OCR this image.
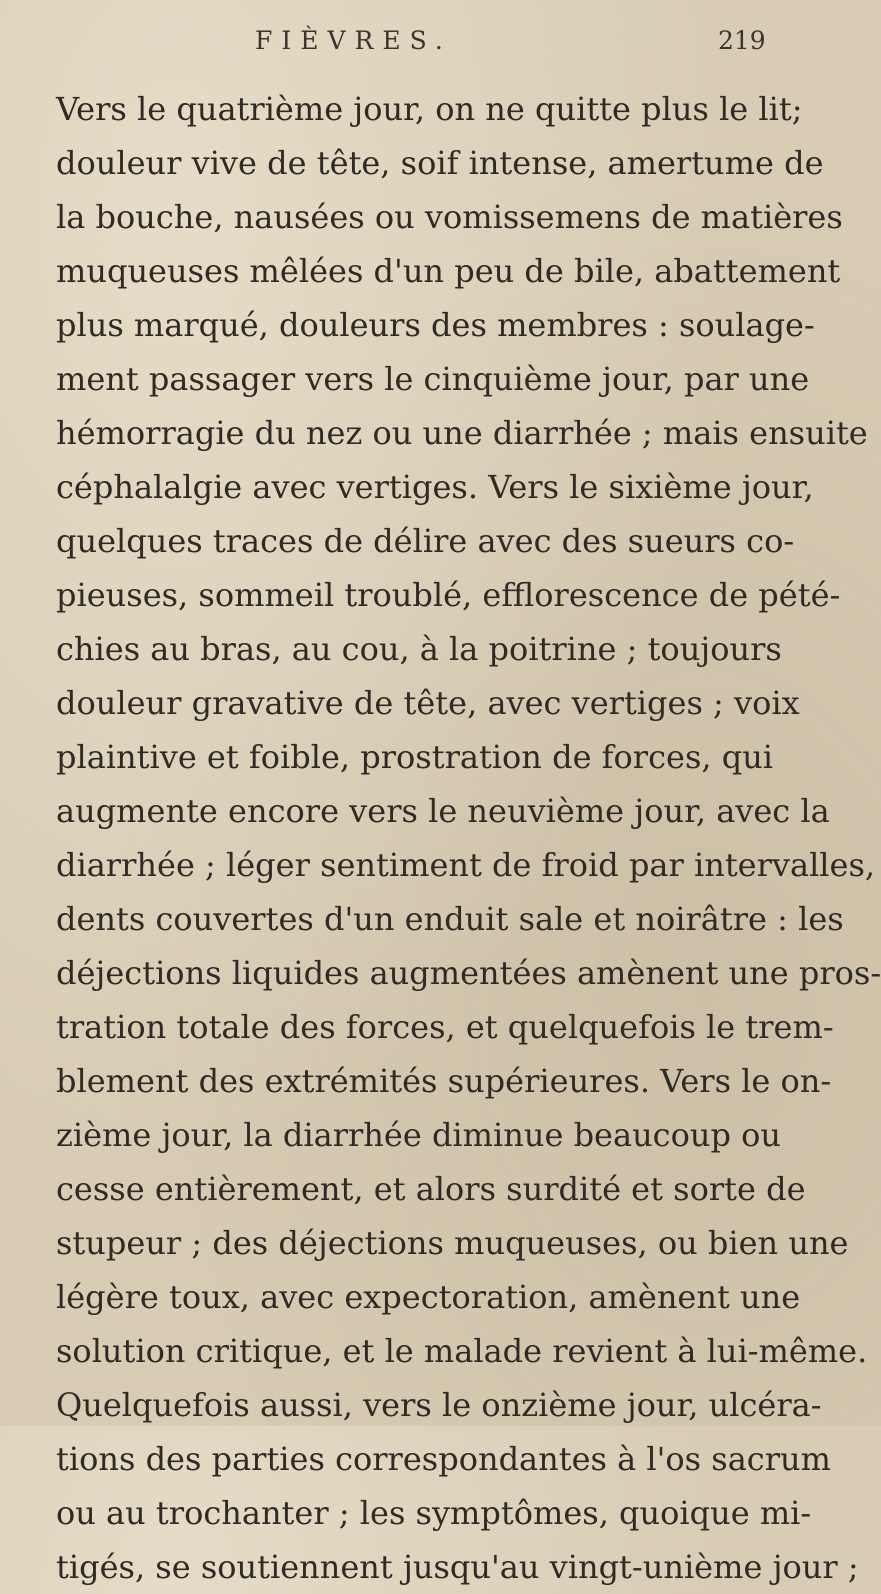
FIÈVRES.	219
Vers le quatrième jour, on ne quitte plus le lit;
douleur vive de tête, soif intense, amertume de
la bouche, nausées ou vomissemens de matières
muqueuses mêlées d'un peu de bile, abattement
plus marqué, douleurs des membres : soulage-
ment passager vers le cinquième jour, par une
hémorragie du nez ou une diarrhée ; mais ensuite
céphalalgie avec vertiges. Vers le sixième jour,
quelques traces de délire avec des sueurs co-
pieuses, sommeil troublé, efflorescence de pété-
chies au bras, au cou, à la poitrine ; toujours
douleur gravative de tête, avec vertiges ; voix
plaintive et foible, prostration de forces, qui
augmente encore vers le neuvième jour, avec la
diarrhée ; léger sentiment de froid par intervalles,
dents couvertes d'un enduit sale et noirâtre : les
déjections liquides augmentées amènent une pros-
tration totale des forces, et quelquefois le trem-
blement des extrémités supérieures. Vers le on-
zième jour, la diarrhée diminue beaucoup ou
cesse entièrement, et alors surdité et sorte de
stupeur ; des déjections muqueuses, ou bien une
légère toux, avec expectoration, amènent une
solution critique, et le malade revient à lui-même.
Quelquefois aussi, vers le onzième jour, ulcéra-
tions des parties correspondantes à l'os sacrum
ou au trochanter ; les symptômes, quoique mi-
tigés, se soutiennent jusqu'au vingt-unième jour ;
